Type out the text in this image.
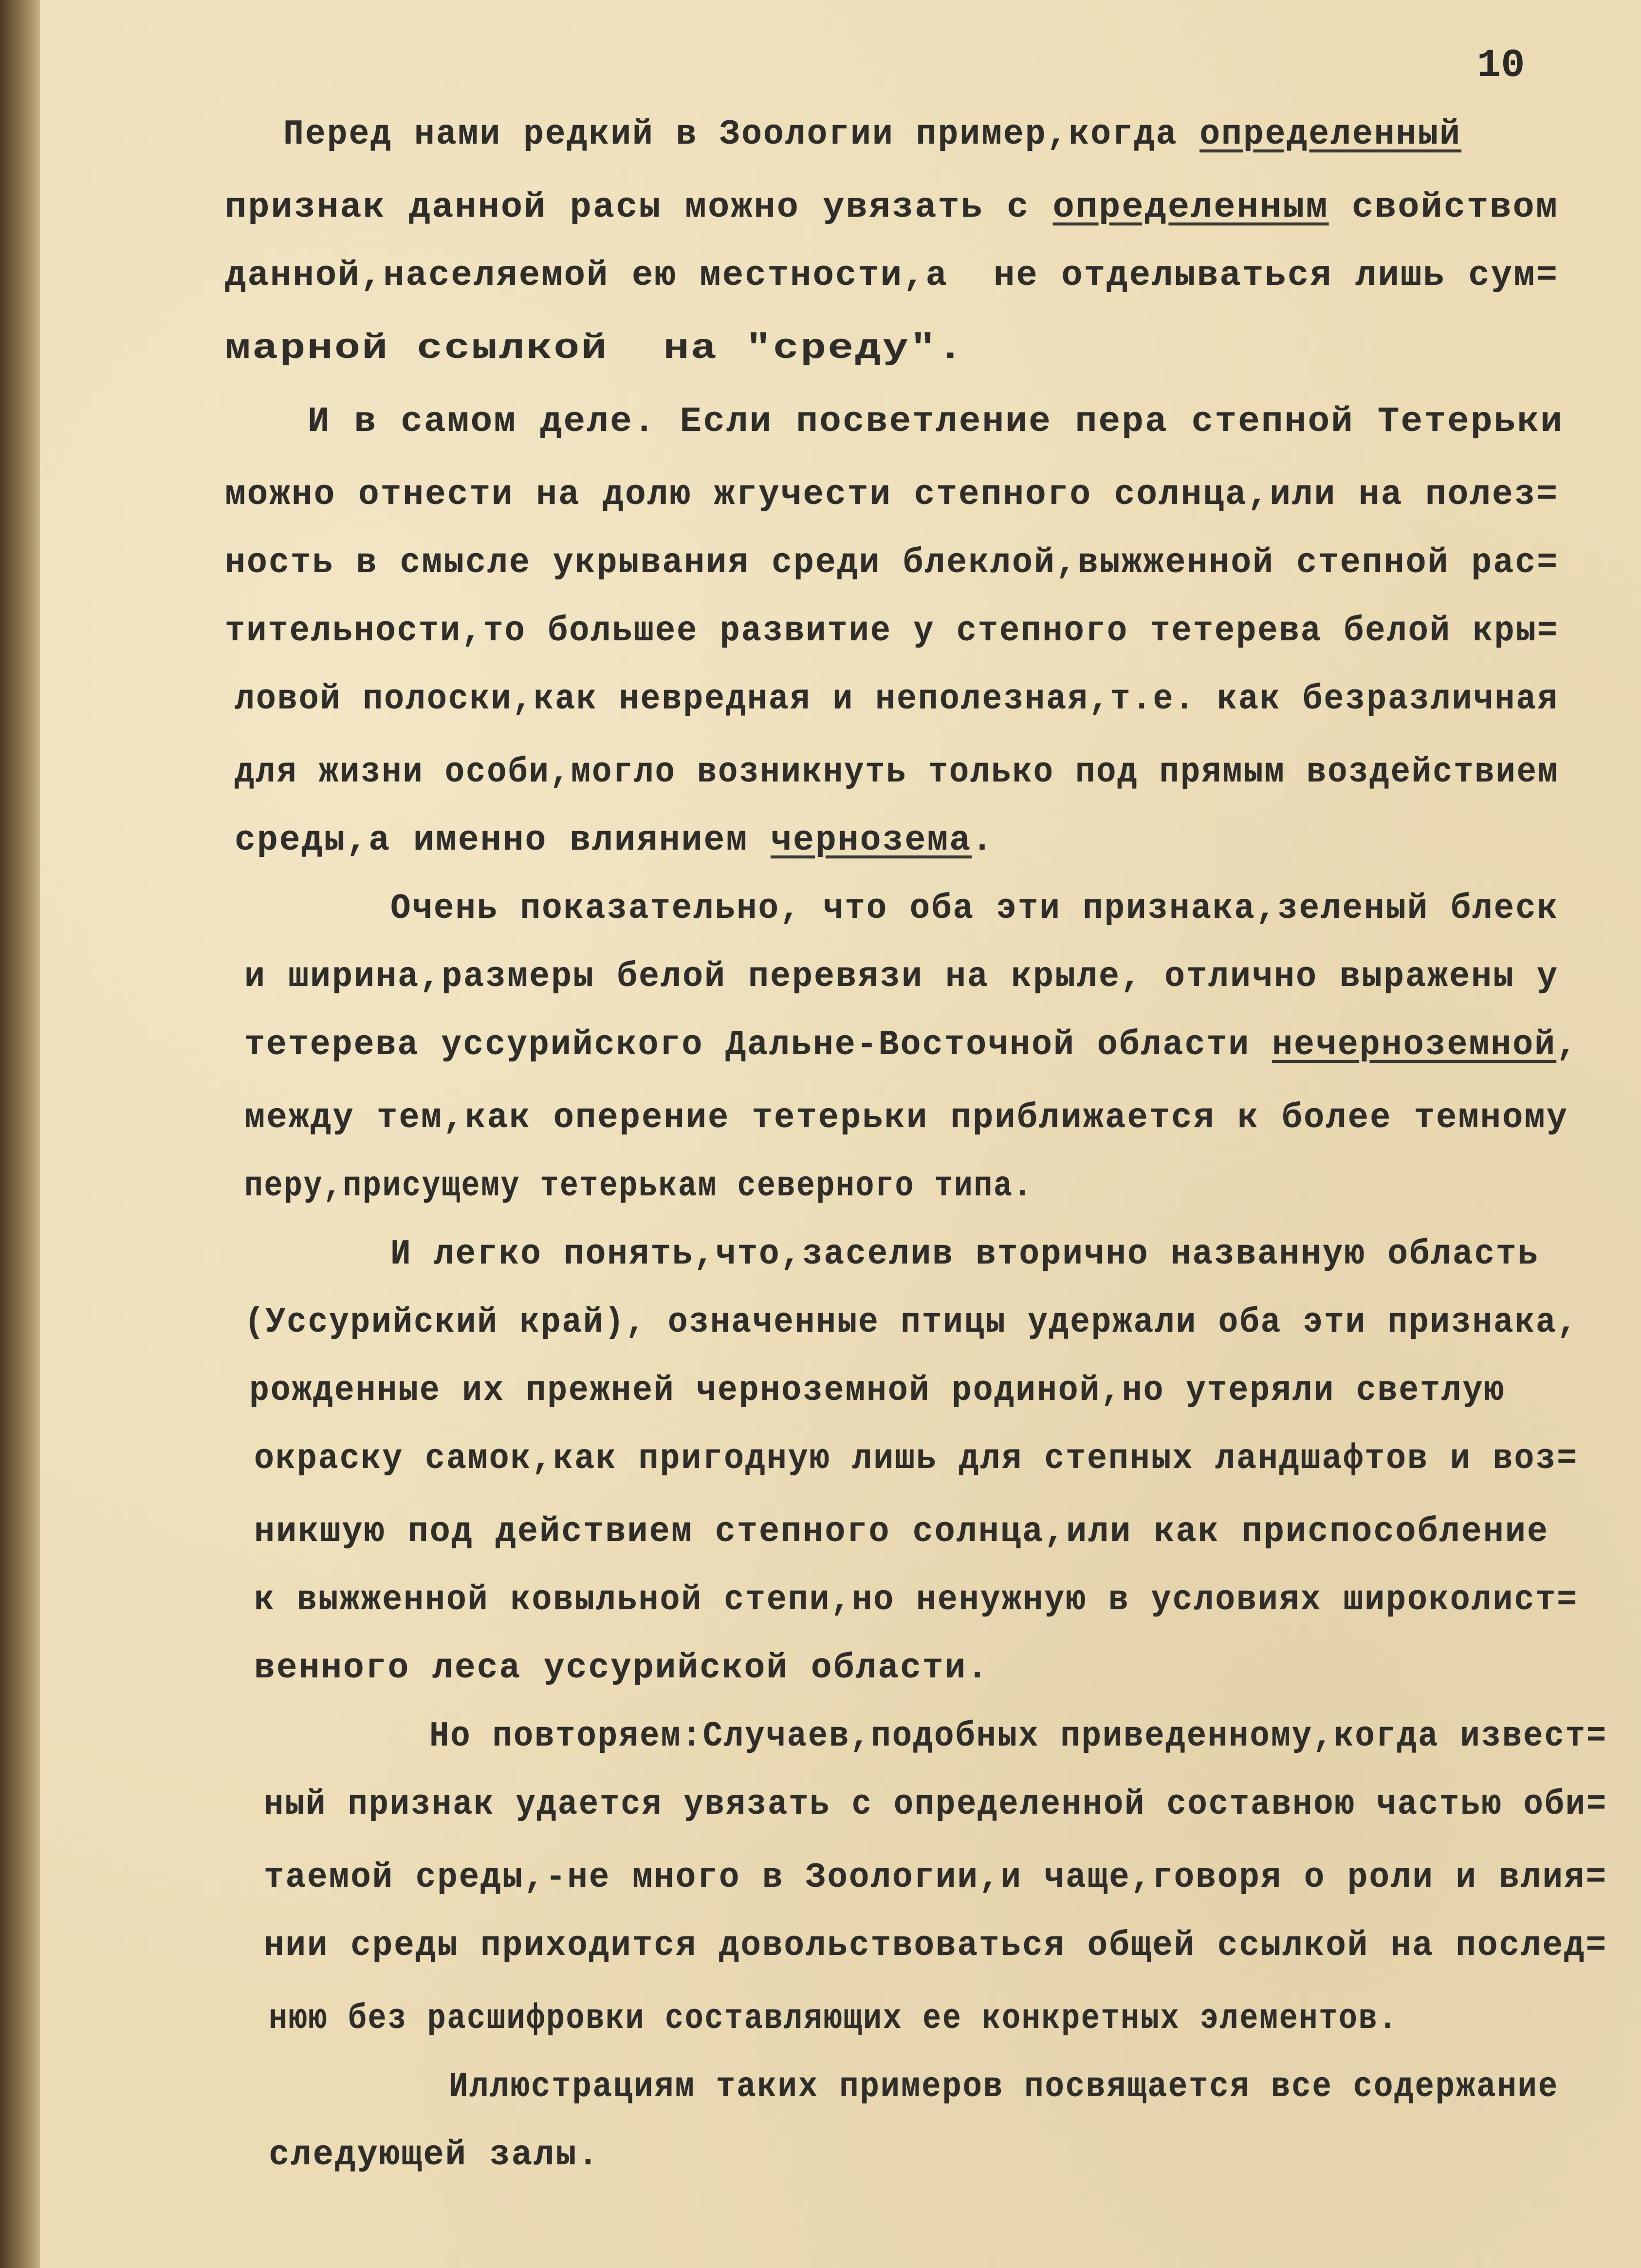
10
Перед нами редкий в Зоологии пример,когда определенный
признак данной расы можно увязать с определенным свойством
данной,населяемой ею местности,а  не отделываться лишь сум=
марной ссылкой  на "среду".
И в самом деле. Если посветление пера степной Тетерьки
можно отнести на долю жгучести степного солнца,или на полез=
ность в смысле укрывания среди блеклой,выжженной степной рас=
тительности,то большее развитие у степного тетерева белой кры=
ловой полоски,как невредная и неполезная,т.е. как безразличная
для жизни особи,могло возникнуть только под прямым воздействием
среды,а именно влиянием чернозема.
Очень показательно, что оба эти признака,зеленый блеск
и ширина,размеры белой перевязи на крыле, отлично выражены у
тетерева уссурийского Дальне-Восточной области нечерноземной,
между тем,как оперение тетерьки приближается к более темному
перу,присущему тетерькам северного типа.
И легко понять,что,заселив вторично названную область
(Уссурийский край), означенные птицы удержали оба эти признака,
рожденные их прежней черноземной родиной,но утеряли светлую
окраску самок,как пригодную лишь для степных ландшафтов и воз=
никшую под действием степного солнца,или как приспособление
к выжженной ковыльной степи,но ненужную в условиях широколист=
венного леса уссурийской области.
Но повторяем:Случаев,подобных приведенному,когда извест=
ный признак удается увязать с определенной составною частью оби=
таемой среды,-не много в Зоологии,и чаще,говоря о роли и влия=
нии среды приходится довольствоваться общей ссылкой на послед=
нюю без расшифровки составляющих ее конкретных элементов.
Иллюстрациям таких примеров посвящается все содержание
следующей залы.
